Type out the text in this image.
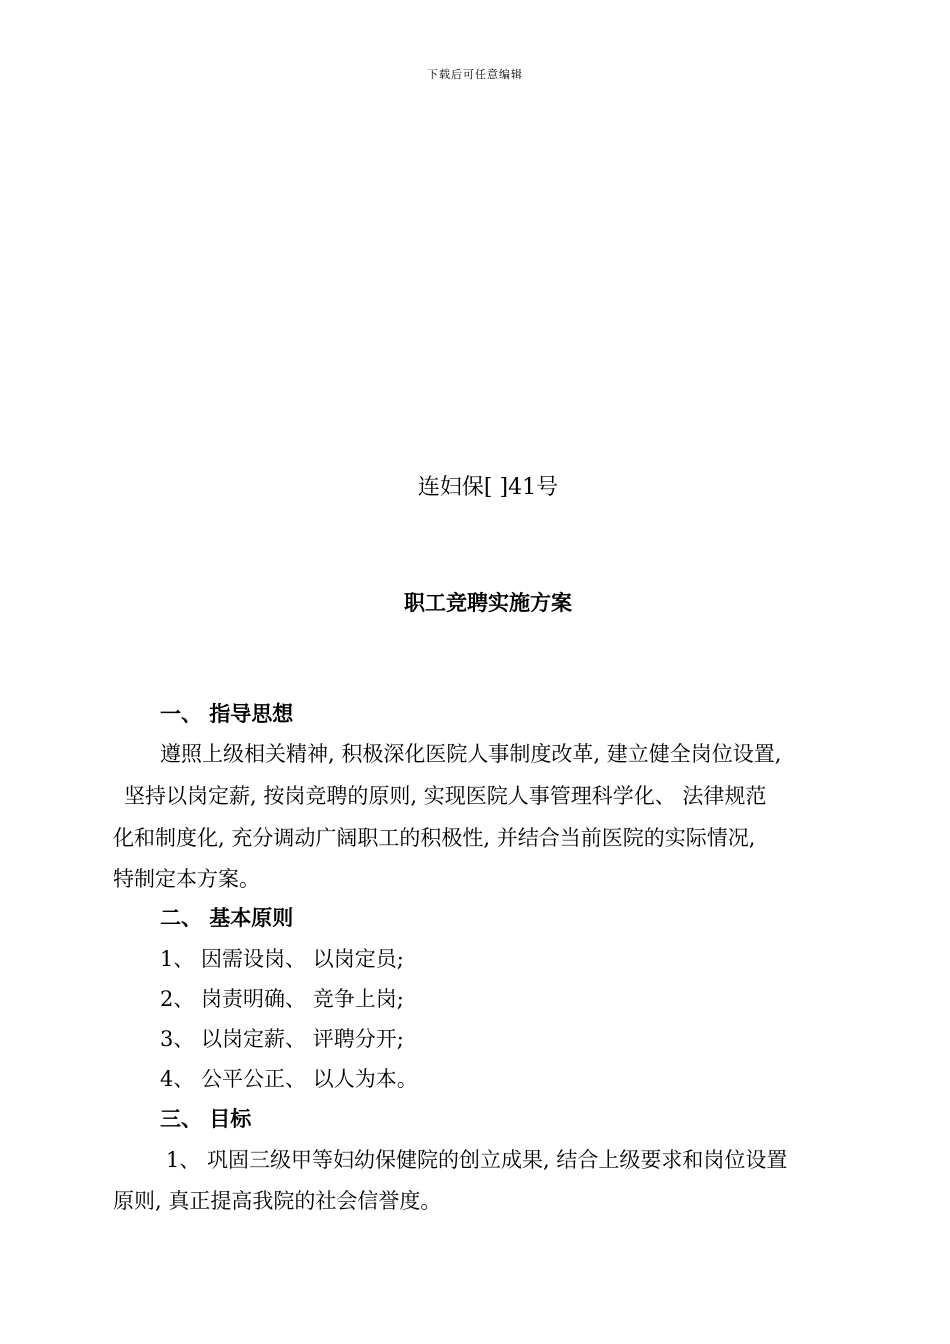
下载后可任意编辑
连妇保[ ]41号
职工竞聘实施方案
一、 指导思想
遵照上级相关精神, 积极深化医院人事制度改革, 建立健全岗位设置,
坚持以岗定薪, 按岗竞聘的原则, 实现医院人事管理科学化、 法律规范
化和制度化, 充分调动广阔职工的积极性, 并结合当前医院的实际情况,
特制定本方案。
二、 基本原则
1、 因需设岗、 以岗定员;
2、 岗责明确、 竞争上岗;
3、 以岗定薪、 评聘分开;
4、 公平公正、 以人为本。
三、 目标
1、 巩固三级甲等妇幼保健院的创立成果, 结合上级要求和岗位设置
原则, 真正提高我院的社会信誉度。
